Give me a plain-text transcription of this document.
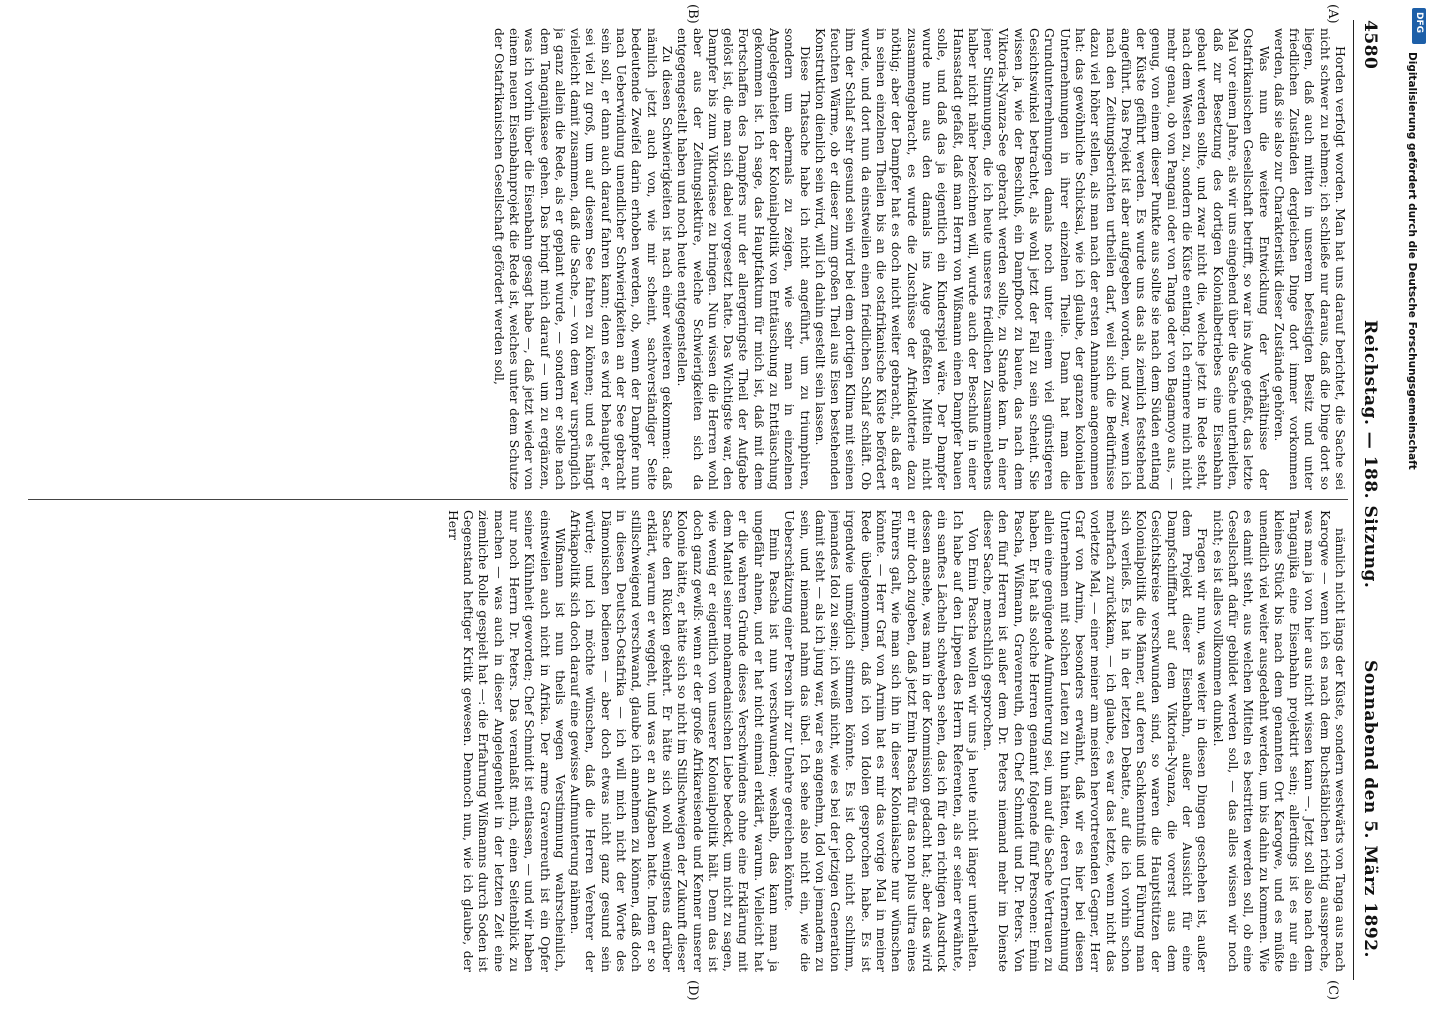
4580
Reichstag. — 188. Sitzung.
Sonnabend den 5. März 1892.
(A)
(B)
(C)
(D)

Horden verfolgt worden. Man hat uns darauf berichtet, die Sache sei nicht schwer zu nehmen; ich schließe nur daraus, daß die Dinge dort so liegen, daß auch mitten in unserem befestigten Besitz und unter friedlichen Zuständen dergleichen Dinge dort immer vorkommen werden, daß sie also zur Charakteristik dieser Zustände gehören.

Was nun die weitere Entwicklung der Verhältnisse der Ostafrikanischen Gesellschaft betrifft, so war ins Auge gefaßt, das letzte Mal vor einem Jahre, als wir uns eingehend über die Sache unterhielten, daß zur Besetzung des dortigen Kolonialbetriebes eine Eisenbahn gebaut werden sollte, und zwar nicht die, welche jetzt in Rede steht, nach dem Westen zu, sondern die Küste entlang. Ich erinnere mich nicht mehr genau, ob von Pangani oder von Tanga oder von Bagamoyo aus, — genug, von einem dieser Punkte aus sollte sie nach dem Süden entlang der Küste geführt werden. Es wurde uns das als ziemlich feststehend angeführt. Das Projekt ist aber aufgegeben worden, und zwar, wenn ich nach den Zeitungsberichten urtheilen darf, weil sich die Bedürfnisse dazu viel höher stellen, als man nach der ersten Annahme angenommen hat: das gewöhnliche Schicksal, wie ich glaube, der ganzen kolonialen Unternehmungen in ihrer einzelnen Theile. Dann hat man die Grundunternehmungen damals noch unter einem viel günstigeren Gesichtswinkel betrachtet, als wohl jetzt der Fall zu sein scheint. Sie wissen ja, wie der Beschluß, ein Dampfboot zu bauen, das nach dem Viktoria-Nyanza-See gebracht werden sollte, zu Stande kam. In einer jener Stimmungen, die ich heute unseres friedlichen Zusammenlebens halber nicht näher bezeichnen will, wurde auch der Beschluß in einer Hansastadt gefaßt, daß man Herrn von Wißmann einen Dampfer bauen solle, und daß das ja eigentlich ein Kinderspiel wäre. Der Dampfer wurde nun aus den damals ins Auge gefaßten Mitteln nicht zusammengebracht, es wurde die Zuschüsse der Afrikalotterie dazu nöthig; aber der Dampfer hat es doch nicht weiter gebracht, als daß er in seinen einzelnen Theilen bis an die ostafrikanische Küste befördert wurde, und dort nun da einstweilen einen friedlichen Schlaf schläft. Ob ihm der Schlaf sehr gesund sein wird bei dem dortigen Klima mit seinen feuchten Wärme, ob er dieser zum großen Theil aus Eisen bestehenden Konstruktion dienlich sein wird, will ich dahin gestellt sein lassen.

Diese Thatsache habe ich nicht angeführt, um zu triumphiren, sondern um abermals zu zeigen, wie sehr man in einzelnen Angelegenheiten der Kolonialpolitik von Enttäuschung zu Enttäuschung gekommen ist. Ich sage, das Hauptfaktum für mich ist, daß mit dem Fortschaffen des Dampfers nur der allergeringste Theil der Aufgabe gelöst ist, die man sich dabei vorgesetzt hatte. Das Wichtigste war, den Dampfer bis zum Viktoriasee zu bringen. Nun wissen die Herren wohl aber aus der Zeitungslektüre, welche Schwierigkeiten sich da entgegengestellt haben und noch heute entgegenstellen.

Zu diesen Schwierigkeiten ist nach einer weiteren gekommen: daß nämlich jetzt auch von, wie mir scheint, sachverständiger Seite bedeutende Zweifel darin erhoben werden, ob, wenn der Dampfer nun nach Ueberwindung unendlicher Schwierigkeiten an der See gebracht sein soll, er dann auch darauf fahren kann; denn es wird behauptet, er sei viel zu groß, um auf diesem See fahren zu können; und es hängt vielleicht damit zusammen, daß die Sache, — von dem war ursprünglich ja ganz allein die Rede, als er geplant wurde, — sondern er solle nach dem Tanganjikasee gehen. Das bringt mich darauf — um zu ergänzen, was ich vorhin über die Eisenbahn gesagt habe —, daß jetzt wieder von einem neuen Eisenbahnprojekt die Rede ist, welches unter dem Schutze der Ostafrikanischen Gesellschaft gefördert werden soll,

nämlich nicht längs der Küste, sondern westwärts von Tanga aus nach Karogwe — wenn ich es nach dem Buchstäblichen richtig ausspreche, was man ja von hier aus nicht wissen kann —. Jetzt soll also nach dem Tanganjika eine Eisenbahn projektirt sein; allerdings ist es nur ein kleines Stück bis nach dem genannten Ort Karogwe, und es müßte unendlich viel weiter ausgedehnt werden, um bis dahin zu kommen. Wie es damit steht, aus welchen Mitteln es bestritten werden soll, ob eine Gesellschaft dafür gebildet werden soll, — das alles wissen wir noch nicht; es ist alles vollkommen dunkel.

Fragen wir nun, was weiter in diesen Dingen geschehen ist, außer dem Projekt dieser Eisenbahn, außer der Aussicht für eine Dampfschifffahrt auf dem Viktoria-Nyanza, die vorerst aus dem Gesichtskreise verschwunden sind, so waren die Hauptstützen der Kolonialpolitik die Männer, auf deren Sachkenntniß und Führung man sich verließ. Es hat in der letzten Debatte, auf die ich vorhin schon mehrfach zurückkam, — ich glaube, es war das letzte, wenn nicht das vorletzte Mal, — einer meiner am meisten hervortretenden Gegner, Herr Graf von Arnim, besonders erwähnt, daß wir es hier bei diesen Unternehmen mit solchen Leuten zu thun hätten, deren Unternehmung allein eine genügende Aufmunterung sei, um auf die Sache Vertrauen zu haben. Er hat als solche Herren genannt folgende fünf Personen: Emin Pascha, Wißmann, Gravenreuth, den Chef Schmidt und Dr. Peters. Von den fünf Herren ist außer dem Dr. Peters niemand mehr im Dienste dieser Sache, menschlich gesprochen.

Von Emin Pascha wollen wir uns ja heute nicht länger unterhalten. Ich habe auf den Lippen des Herrn Referenten, als er seiner erwähnte, ein sanftes Lächeln schweben sehen, das ich für den richtigen Ausdruck dessen ansehe, was man in der Kommission gedacht hat; aber das wird er mir doch zugeben, daß jetzt Emin Pascha für das non plus ultra eines Führers galt, wie man sich ihn in dieser Kolonialsache nur wünschen könnte. — Herr Graf von Arnim hat es mir das vorige Mal in meiner Rede übelgenommen, daß ich von Idolen gesprochen habe. Es ist irgendwie unmöglich stimmen könnte. Es ist doch nicht schlimm, jemandes Idol zu sein; ich weiß nicht, wie es bei der jetzigen Generation damit steht — als ich jung war, war es angenehm, Idol von jemandem zu sein, und niemand nahm das übel. Ich sehe also nicht ein, wie die Ueberschätzung einer Person ihr zur Unehre gereichen könnte.

Emin Pascha ist nun verschwunden; weshalb, das kann man ja ungefähr ahnen, und er hat nicht einmal erklärt, warum. Vielleicht hat er die wahren Gründe dieses Verschwindens ohne eine Erklärung mit dem Mantel seiner mohamedanischen Liebe bedeckt, um nicht zu sagen, wie wenig er eigentlich von unserer Kolonialpolitik hält. Denn das ist doch ganz gewiß: wenn er der große Afrikareisende und Kenner unserer Kolonie hätte, er hätte sich so nicht im Stillschweigen der Zukunft dieser Sache den Rücken gekehrt. Er hätte sich wohl wenigstens darüber erklärt, warum er weggeht, und was er an Aufgaben hatte. Indem er so stillschweigend verschwand, glaube ich annehmen zu können, daß doch in diesen Deutsch-Ostafrika — ich will mich nicht der Worte des Dämonischen bedienen — aber doch etwas nicht ganz gesund sein würde; und ich möchte wünschen, daß die Herren Verehrer der Afrikapolitik sich doch darauf eine gewisse Aufmunterung nähmen.

Wißmann ist nun theils wegen Verstimmung wahrscheinlich, einstweilen auch nicht in Afrika. Der arme Gravenreuth ist ein Opfer seiner Kühnheit geworden; Chef Schmidt ist entlassen, — und wir haben nur noch Herrn Dr. Peters. Das veranlaßt mich, einen Seitenblick zu machen — was auch in dieser Angelegenheit in der letzten Zeit eine ziemliche Rolle gespielt hat —: die Erfahrung Wißmanns durch Soden ist Gegenstand heftiger Kritik gewesen. Dennoch nun, wie ich glaube, der Herr

DFG
Digitalisierung gefördert durch die Deutsche Forschungsgemeinschaft
